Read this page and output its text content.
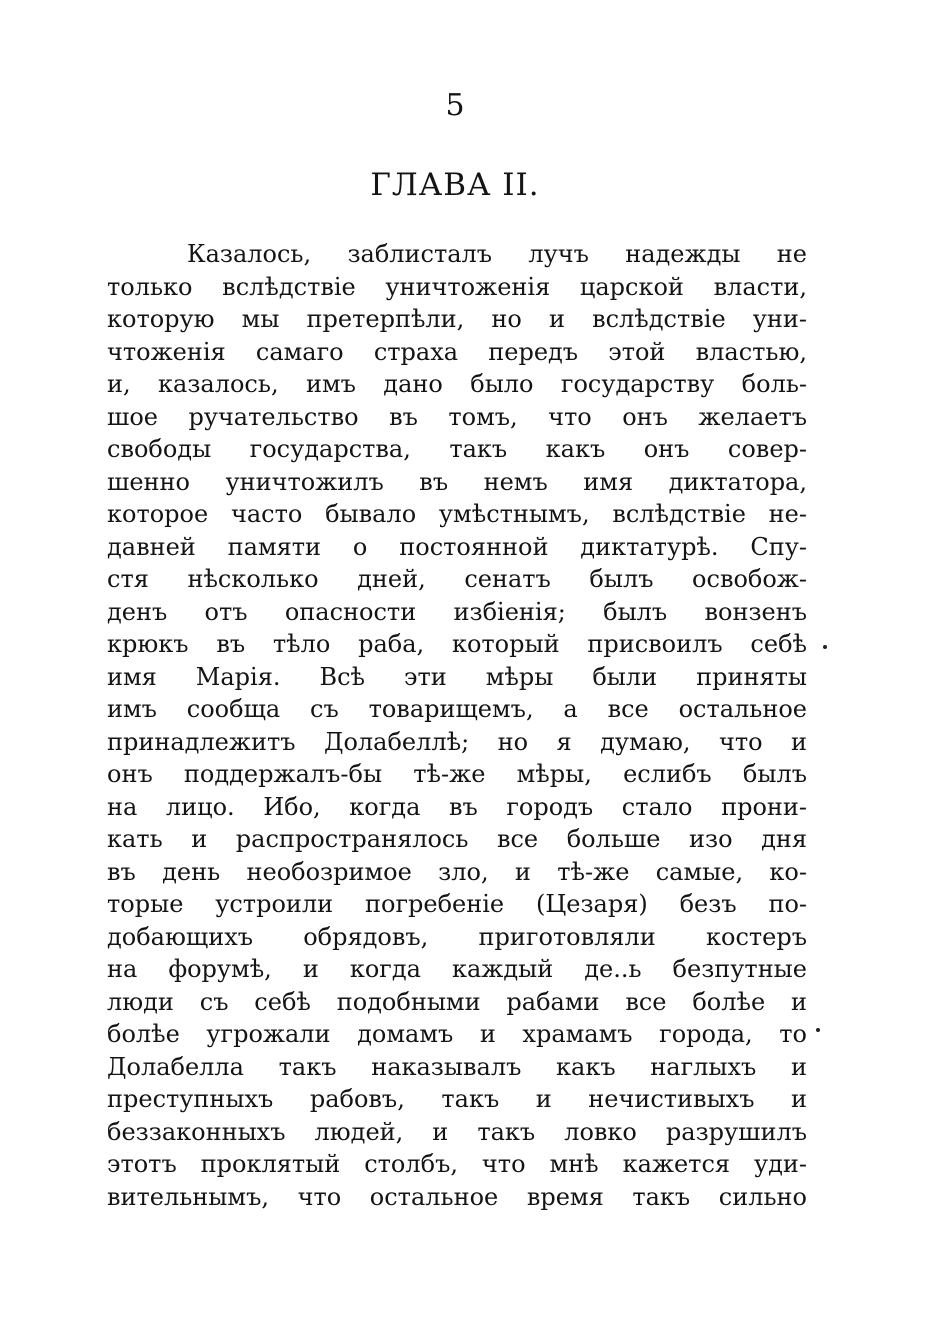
5
ГЛАВА II.
Казалось, заблисталъ лучъ надежды не
только вслѣдствіе уничтоженія царской власти,
которую мы претерпѣли, но и вслѣдствіе уни-
чтоженія самаго страха передъ этой властью,
и, казалось, имъ дано было государству боль-
шое ручательство въ томъ, что онъ желаетъ
свободы государства, такъ какъ онъ совер-
шенно уничтожилъ въ немъ имя диктатора,
которое часто бывало умѣстнымъ, вслѣдствіе не-
давней памяти о постоянной диктатурѣ. Спу-
стя нѣсколько дней, сенатъ былъ освобож-
денъ отъ опасности избіенія; былъ вонзенъ
крюкъ въ тѣло раба, который присвоилъ себѣ
имя Марія. Всѣ эти мѣры были приняты
имъ сообща съ товарищемъ, а все остальное
принадлежитъ Долабеллѣ; но я думаю, что и
онъ поддержалъ-бы тѣ-же мѣры, еслибъ былъ
на лицо. Ибо, когда въ городъ стало прони-
кать и распространялось все больше изо дня
въ день необозримое зло, и тѣ-же самые, ко-
торые устроили погребеніе (Цезаря) безъ по-
добающихъ обрядовъ, приготовляли костеръ
на форумѣ, и когда каждый де..ь безпутные
люди съ себѣ подобными рабами все болѣе и
болѣе угрожали домамъ и храмамъ города, то
Долабелла такъ наказывалъ какъ наглыхъ и
преступныхъ рабовъ, такъ и нечистивыхъ и
беззаконныхъ людей, и такъ ловко разрушилъ
этотъ проклятый столбъ, что мнѣ кажется уди-
вительнымъ, что остальное время такъ сильно
